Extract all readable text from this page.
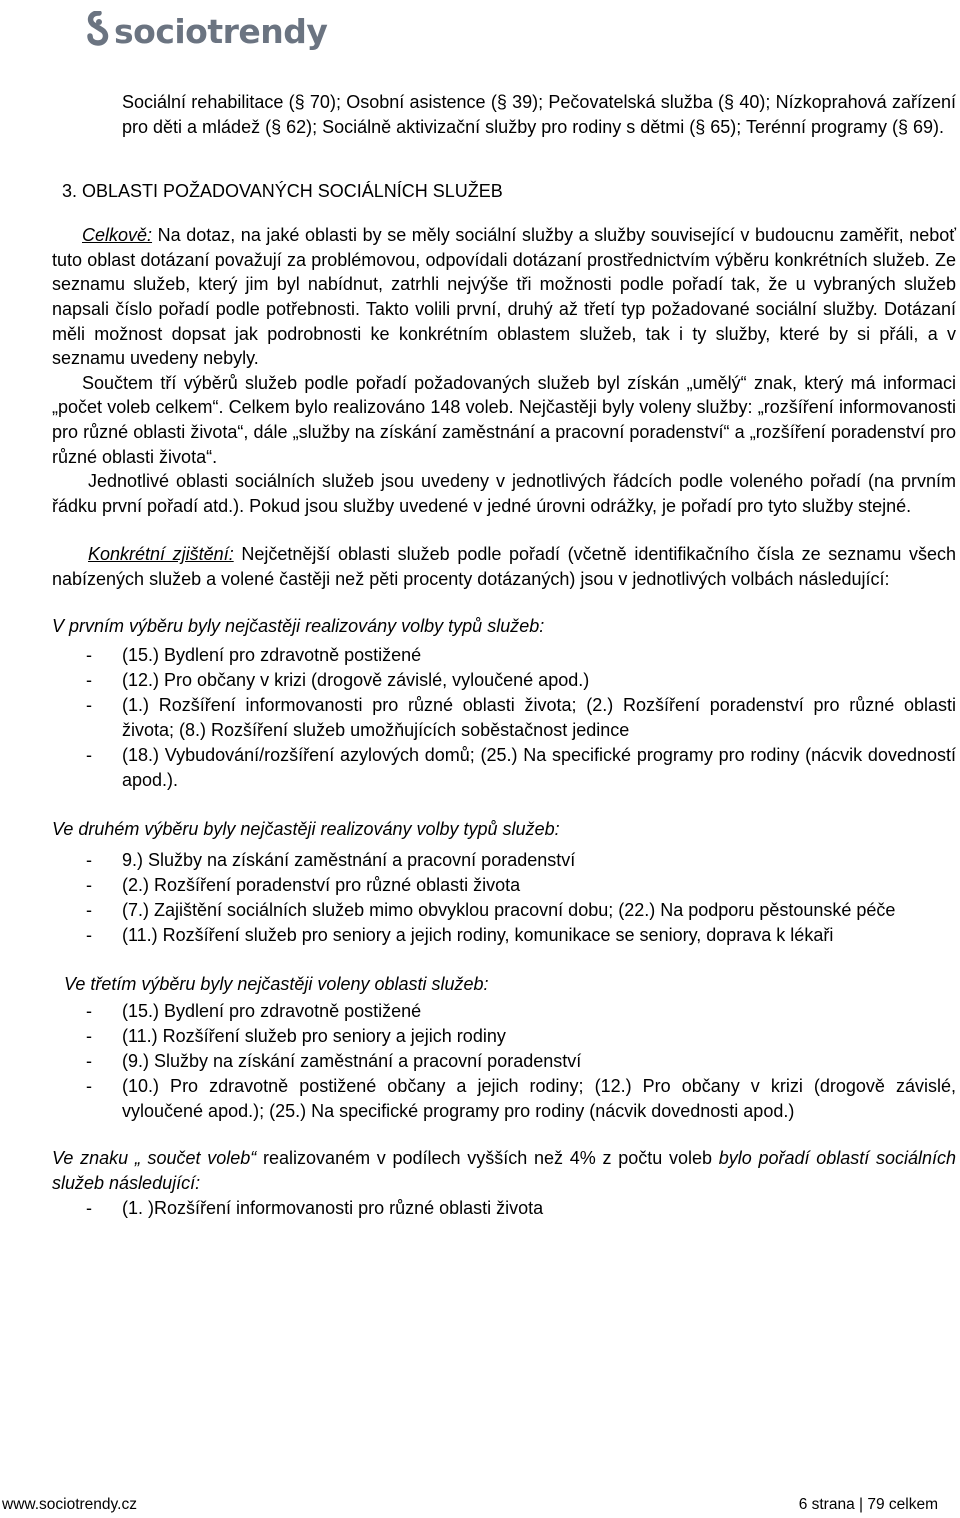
sociotrendy

Sociální rehabilitace (§ 70); Osobní asistence (§ 39); Pečovatelská služba (§ 40); Nízkoprahová zařízení pro děti a mládež (§ 62); Sociálně aktivizační služby pro rodiny s dětmi (§ 65); Terénní programy (§ 69).

3. OBLASTI POŽADOVANÝCH SOCIÁLNÍCH SLUŽEB

Celkově: Na dotaz, na jaké oblasti by se měly sociální služby a služby související v budoucnu zaměřit, neboť tuto oblast dotázaní považují za problémovou, odpovídali dotázaní prostřednictvím výběru konkrétních služeb. Ze seznamu služeb, který jim byl nabídnut, zatrhli nejvýše tři možnosti podle pořadí tak, že u vybraných služeb napsali číslo pořadí podle potřebnosti. Takto volili první, druhý až třetí typ požadované sociální služby. Dotázaní měli možnost dopsat jak podrobnosti ke konkrétním oblastem služeb, tak i ty služby, které by si přáli, a v seznamu uvedeny nebyly.

Součtem tří výběrů služeb podle pořadí požadovaných služeb byl získán „umělý“ znak, který má informaci „počet voleb celkem“. Celkem bylo realizováno 148 voleb. Nejčastěji byly voleny služby: „rozšíření informovanosti pro různé oblasti života“, dále „služby na získání zaměstnání a pracovní poradenství“ a „rozšíření poradenství pro různé oblasti života“.

Jednotlivé oblasti sociálních služeb jsou uvedeny v jednotlivých řádcích podle voleného pořadí (na prvním řádku první pořadí atd.). Pokud jsou služby uvedené v jedné úrovni odrážky, je pořadí pro tyto služby stejné.

Konkrétní zjištění: Nejčetnější oblasti služeb podle pořadí (včetně identifikačního čísla ze seznamu všech nabízených služeb a volené častěji než pěti procenty dotázaných) jsou v jednotlivých volbách následující:

V prvním výběru byly nejčastěji realizovány volby typů služeb:

- (15.) Bydlení pro zdravotně postižené
- (12.) Pro občany v krizi (drogově závislé, vyloučené apod.)
- (1.) Rozšíření informovanosti pro různé oblasti života; (2.) Rozšíření poradenství pro různé oblasti života; (8.) Rozšíření služeb umožňujících soběstačnost jedince
- (18.) Vybudování/rozšíření azylových domů; (25.) Na specifické programy pro rodiny (nácvik dovedností apod.).

Ve druhém výběru byly nejčastěji realizovány volby typů služeb:

- 9.) Služby na získání zaměstnání a pracovní poradenství
- (2.) Rozšíření poradenství pro různé oblasti života
- (7.) Zajištění sociálních služeb mimo obvyklou pracovní dobu; (22.) Na podporu pěstounské péče
- (11.) Rozšíření služeb pro seniory a jejich rodiny, komunikace se seniory, doprava k lékaři

Ve třetím výběru byly nejčastěji voleny oblasti služeb:

- (15.) Bydlení pro zdravotně postižené
- (11.) Rozšíření služeb pro seniory a jejich rodiny
- (9.) Služby na získání zaměstnání a pracovní poradenství
- (10.) Pro zdravotně postižené občany a jejich rodiny; (12.) Pro občany v krizi (drogově závislé, vyloučené apod.); (25.) Na specifické programy pro rodiny (nácvik dovednosti apod.)

Ve znaku „ součet voleb“ realizovaném v podílech vyšších než 4% z počtu voleb bylo pořadí oblastí sociálních služeb následující:

- (1. )Rozšíření informovanosti pro různé oblasti života
www.sociotrendy.cz	6 strana | 79 celkem
